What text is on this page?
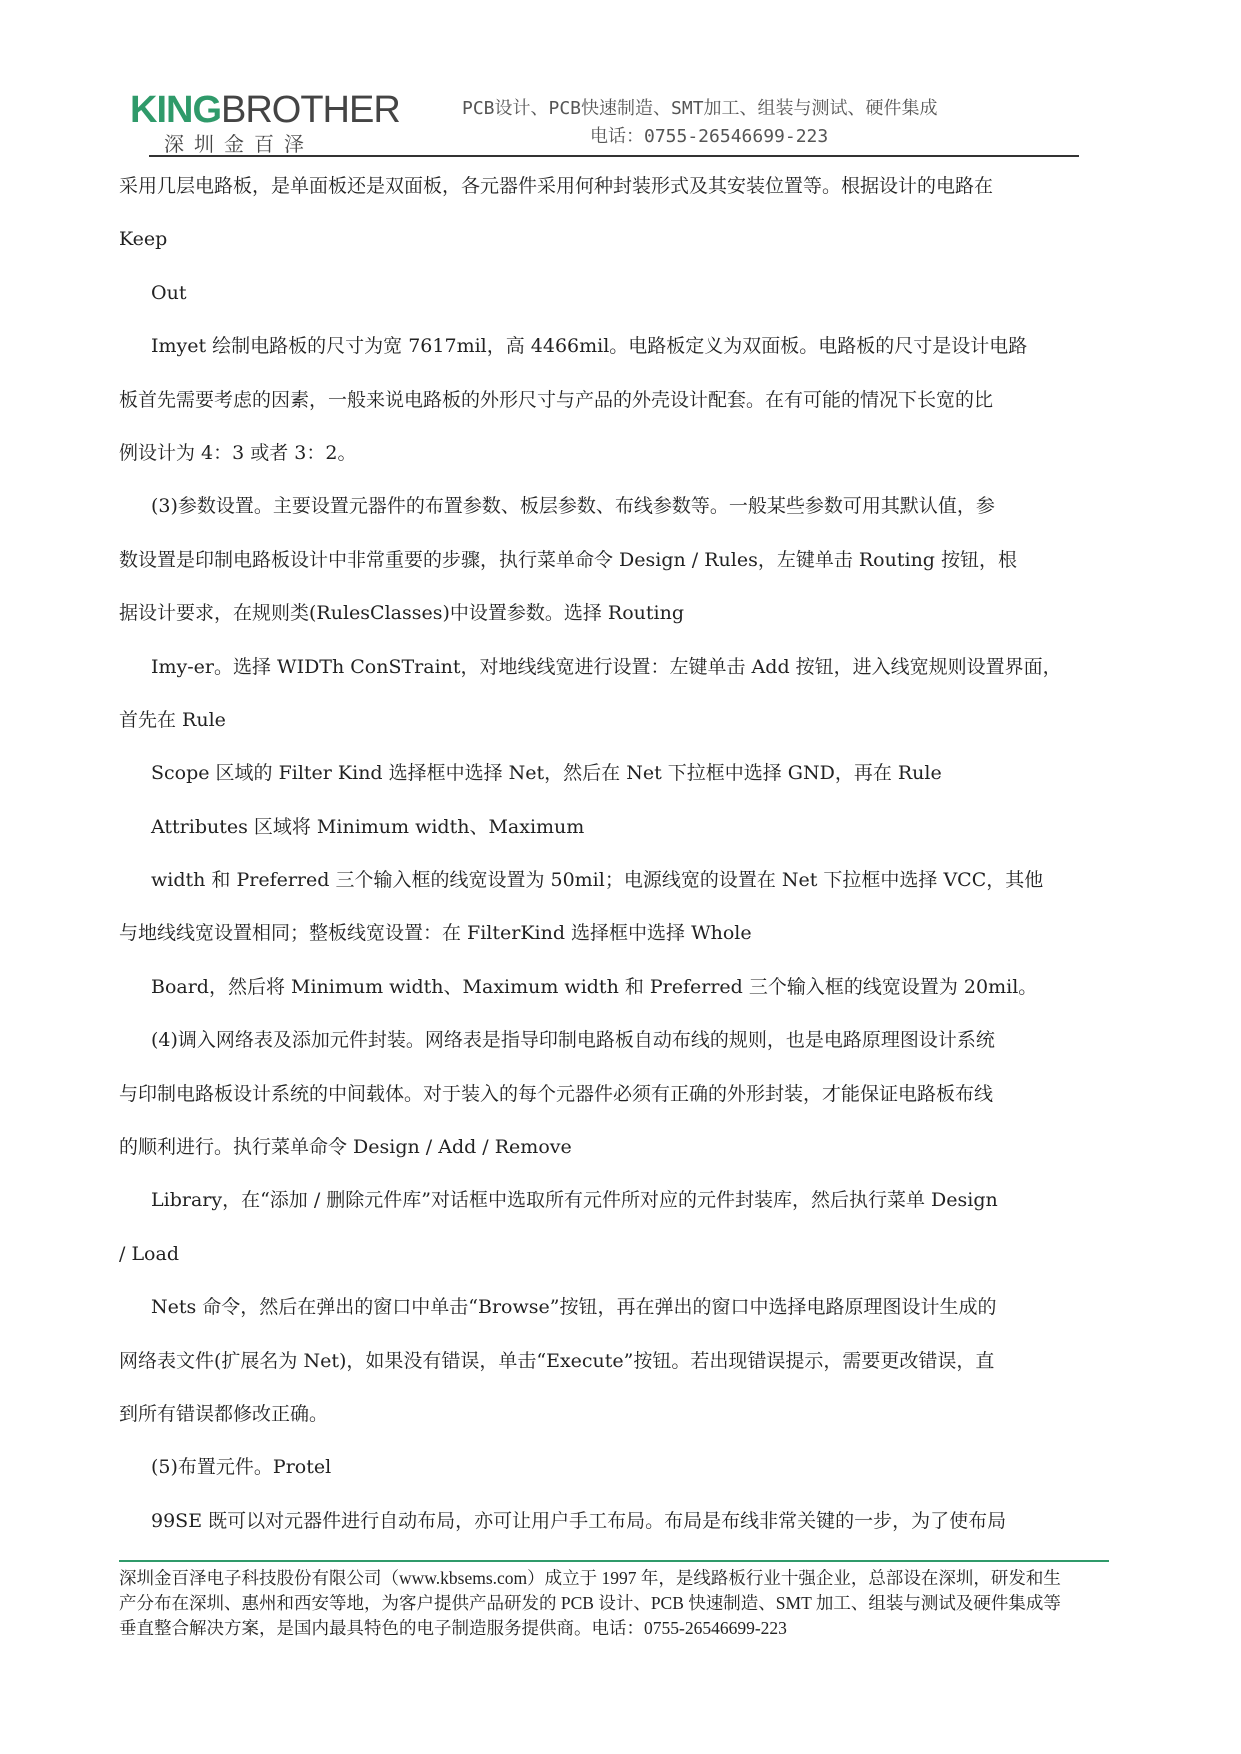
KINGBROTHER
深圳金百泽
PCB设计、PCB快速制造、SMT加工、组装与测试、硬件集成
电话：0755-26546699-223
采用几层电路板，是单面板还是双面板，各元器件采用何种封装形式及其安装位置等。根据设计的电路在
Keep
Out
Imyet 绘制电路板的尺寸为宽 7617mil，高 4466mil。电路板定义为双面板。电路板的尺寸是设计电路
板首先需要考虑的因素，一般来说电路板的外形尺寸与产品的外壳设计配套。在有可能的情况下长宽的比
例设计为 4：3 或者 3：2。
(3)参数设置。主要设置元器件的布置参数、板层参数、布线参数等。一般某些参数可用其默认值，参
数设置是印制电路板设计中非常重要的步骤，执行菜单命令 Design / Rules，左键单击 Routing 按钮，根
据设计要求，在规则类(RulesClasses)中设置参数。选择 Routing
Imy-er。选择 WIDTh ConSTraint，对地线线宽进行设置：左键单击 Add 按钮，进入线宽规则设置界面，
首先在 Rule
Scope 区域的 Filter Kind 选择框中选择 Net，然后在 Net 下拉框中选择 GND，再在 Rule
Attributes 区域将 Minimum width、Maximum
width 和 Preferred 三个输入框的线宽设置为 50mil；电源线宽的设置在 Net 下拉框中选择 VCC，其他
与地线线宽设置相同；整板线宽设置：在 FilterKind 选择框中选择 Whole
Board，然后将 Minimum width、Maximum width 和 Preferred 三个输入框的线宽设置为 20mil。
(4)调入网络表及添加元件封装。网络表是指导印制电路板自动布线的规则，也是电路原理图设计系统
与印制电路板设计系统的中间载体。对于装入的每个元器件必须有正确的外形封装，才能保证电路板布线
的顺利进行。执行菜单命令 Design / Add / Remove
Library，在“添加 / 删除元件库”对话框中选取所有元件所对应的元件封装库，然后执行菜单 Design
/ Load
Nets 命令，然后在弹出的窗口中单击“Browse”按钮，再在弹出的窗口中选择电路原理图设计生成的
网络表文件(扩展名为 Net)，如果没有错误，单击“Execute”按钮。若出现错误提示，需要更改错误，直
到所有错误都修改正确。
(5)布置元件。Protel
99SE 既可以对元器件进行自动布局，亦可让用户手工布局。布局是布线非常关键的一步，为了使布局
深圳金百泽电子科技股份有限公司（www.kbsems.com）成立于 1997 年，是线路板行业十强企业，总部设在深圳，研发和生
产分布在深圳、惠州和西安等地，为客户提供产品研发的 PCB 设计、PCB 快速制造、SMT 加工、组装与测试及硬件集成等
垂直整合解决方案，是国内最具特色的电子制造服务提供商。电话：0755-26546699-223
